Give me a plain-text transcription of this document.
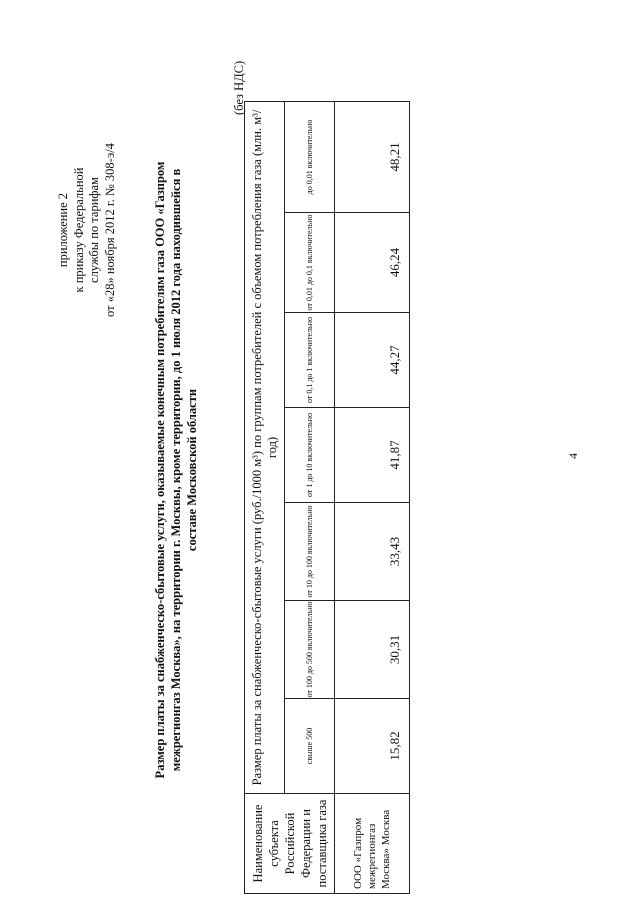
приложение 2 к приказу Федеральной службы по тарифам от «28» ноября 2012 г. № 308-э/4	Размер платы за снабженческо-сбытовые услуги, оказываемые конечным потребителям газа ООО «Газпром межрегионгаз Москва», на территории г. Москвы, кроме территории, до 1 июля 2012 года находившейся в составе Московской области
(без НДС)
Наименование субъекта Российской Федерации и поставщика газа	Размер платы за снабженческо-сбытовые услуги (руб./1000 м³) по группам потребителей с объемом потребления газа (млн. м³/год)						
	свыше 500	от 100 до 500 включительно	от 10 до 100 включительно	от 1 до 10 включительно	от 0,1 до 1 включительно	от 0,01 до 0,1 включительно	до 0,01 включительно
ООО «Газпром межрегионгаз Москва» Москва	15,82	30,31	33,43	41,87	44,27	46,24	48,21
4
